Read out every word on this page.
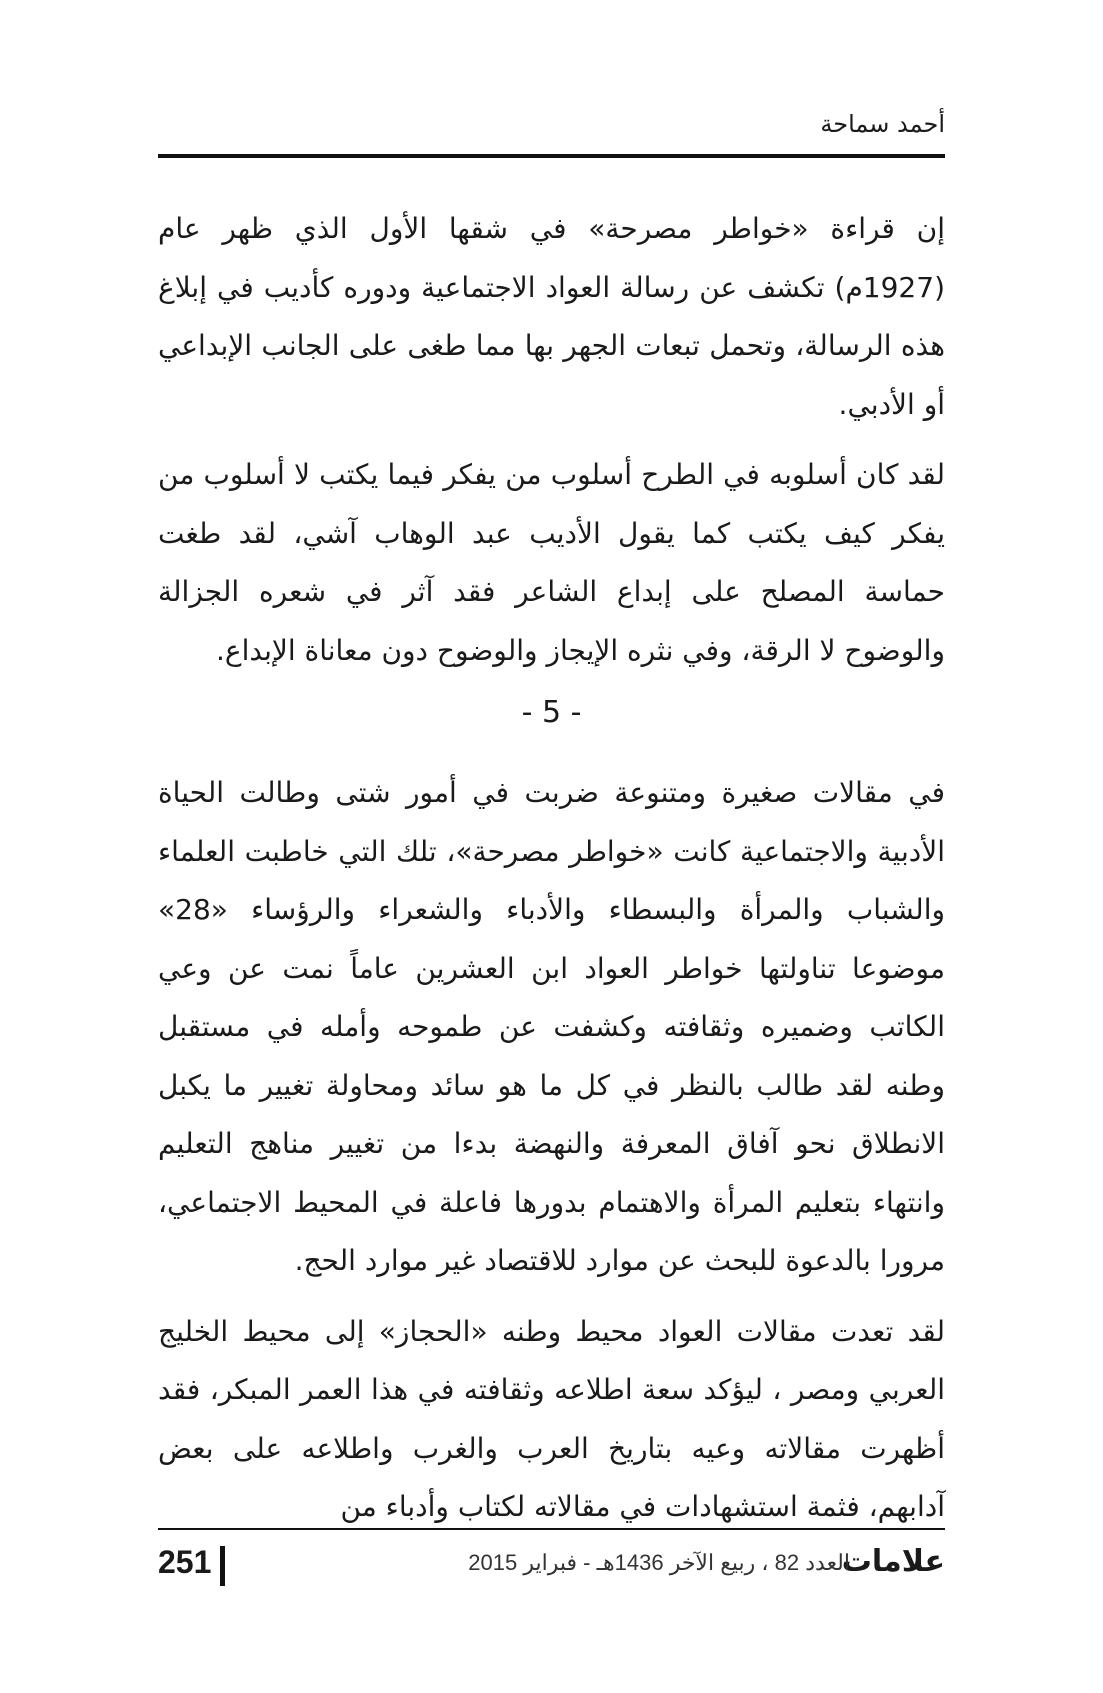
أحمد سماحة

إن قراءة «خواطر مصرحة» في شقها الأول الذي ظهر عام (1927م) تكشف عن رسالة العواد الاجتماعية ودوره كأديب في إبلاغ هذه الرسالة، وتحمل تبعات الجهر بها مما طغى على الجانب الإبداعي أو الأدبي.

لقد كان أسلوبه في الطرح أسلوب من يفكر فيما يكتب لا أسلوب من يفكر كيف يكتب كما يقول الأديب عبد الوهاب آشي، لقد طغت حماسة المصلح على إبداع الشاعر فقد آثر في شعره الجزالة والوضوح لا الرقة، وفي نثره الإيجاز والوضوح دون معاناة الإبداع.

- 5 -

في مقالات صغيرة ومتنوعة ضربت في أمور شتى وطالت الحياة الأدبية والاجتماعية كانت «خواطر مصرحة»، تلك التي خاطبت العلماء والشباب والمرأة والبسطاء والأدباء والشعراء والرؤساء «28» موضوعا تناولتها خواطر العواد ابن العشرين عاماً نمت عن وعي الكاتب وضميره وثقافته وكشفت عن طموحه وأمله في مستقبل وطنه لقد طالب بالنظر في كل ما هو سائد ومحاولة تغيير ما يكبل الانطلاق نحو آفاق المعرفة والنهضة بدءا من تغيير مناهج التعليم وانتهاء بتعليم المرأة والاهتمام بدورها فاعلة في المحيط الاجتماعي، مرورا بالدعوة للبحث عن موارد للاقتصاد غير موارد الحج.

لقد تعدت مقالات العواد محيط وطنه «الحجاز» إلى محيط الخليج العربي ومصر ، ليؤكد سعة اطلاعه وثقافته في هذا العمر المبكر، فقد أظهرت مقالاته وعيه بتاريخ العرب والغرب واطلاعه على بعض آدابهم، فثمة استشهادات في مقالاته لكتاب وأدباء من

علامات
العدد 82 ، ربيع الآخر 1436هـ - فبراير 2015
251
